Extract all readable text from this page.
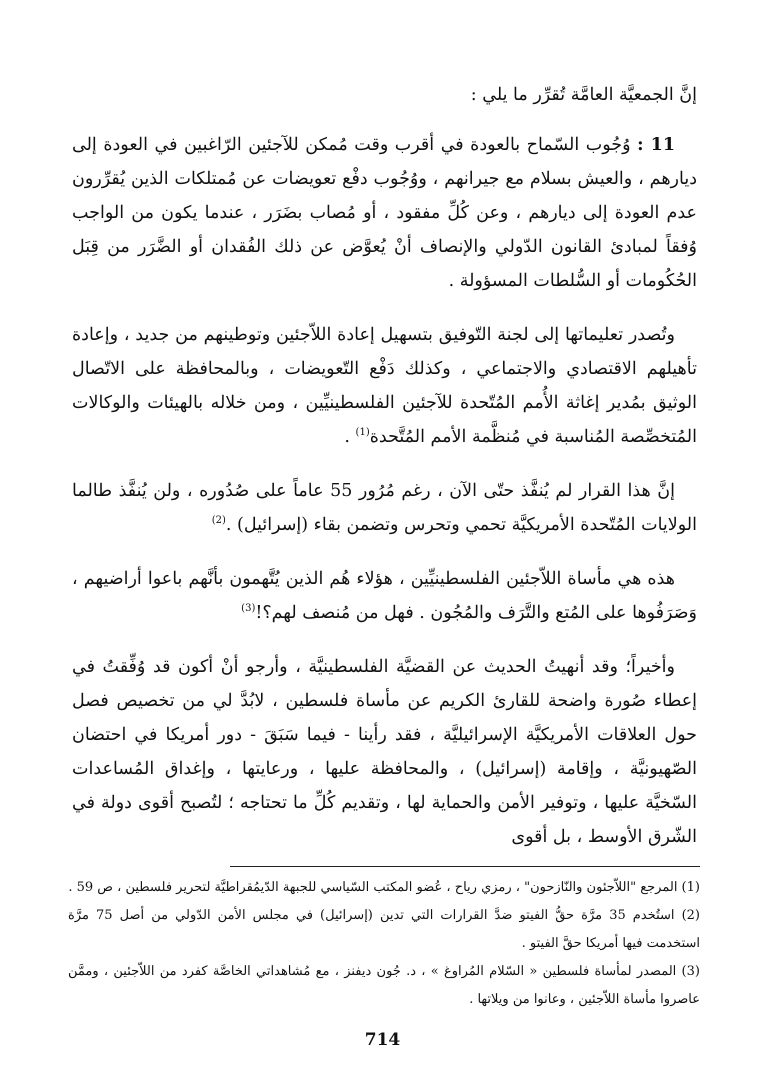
إنَّ الجمعيَّة العامَّة تُقرِّر ما يلي :

11 : وُجُوب السّماح بالعودة في أقرب وقت مُمكن للآجئين الرّاغبين في العودة إلى ديارهم ، والعيش بسلام مع جيرانهم ، ووُجُوب دفْع تعويضات عن مُمتلكات الذين يُقرِّرون عدم العودة إلى ديارهم ، وعن كُلِّ مفقود ، أو مُصاب بضَرَر ، عندما يكون من الواجب وُفقاً لمبادئ القانون الدّولي والإنصاف أنْ يُعوَّض عن ذلك الفُقدان أو الضَّرَر من قِبَل الحُكُومات أو السُّلطات المسؤولة .

وتُصدر تعليماتها إلى لجنة التّوفيق بتسهيل إعادة اللاّجئين وتوطينهم من جديد ، وإعادة تأهيلهم الاقتصادي والاجتماعي ، وكذلك دَفْع التّعويضات ، وبالمحافظة على الاتّصال الوثيق بمُدير إغاثة الأُمم المُتّحدة للآجئين الفلسطينيِّين ، ومن خلاله بالهيئات والوكالات المُتخصِّصة المُناسبة في مُنظَّمة الأمم المُتَّحدة$^{(1)}$ .

إنَّ هذا القرار لم يُنفَّذ حتّى الآن ، رغم مُرُور 55 عاماً على صُدُوره ، ولن يُنفَّذ طالما الولايات المُتّحدة الأمريكيَّة تحمي وتحرس وتضمن بقاء (إسرائيل) .$^{(2)}$

هذه هي مأساة اللاّجئين الفلسطينيِّين ، هؤلاء هُم الذين يُتَّهمون بأنَّهم باعوا أراضيهم ، وَصَرَفُوها على المُتع والتَّرَف والمُجُون . فهل من مُنصف لهم؟!$^{(3)}$

وأخيراً؛ وقد أنهيتُ الحديث عن القضيَّة الفلسطينيَّة ، وأرجو أنْ أكون قد وُفِّقتُ في إعطاء صُورة واضحة للقارئ الكريم عن مأساة فلسطين ، لابُدَّ لي من تخصيص فصل حول العلاقات الأمريكيَّة الإسرائيليَّة ، فقد رأينا - فيما سَبَقَ - دور أمريكا في احتضان الصّهيونيَّة ، وإقامة (إسرائيل) ، والمحافظة عليها ، ورعايتها ، وإغداق المُساعدات السّخيَّة عليها ، وتوفير الأمن والحماية لها ، وتقديم كُلِّ ما تحتاجه ؛ لتُصبح أقوى دولة في الشّرق الأوسط ، بل أقوى

(1) المرجع "اللاّجئون والنّازحون" ، رمزي رياح ، عُضو المكتب السّياسي للجبهة الدّيمُقراطيَّة لتحرير فلسطين ، ص 59 .

(2) استُخدم 35 مرَّة حقُّ الفيتو ضدَّ القرارات التي تدين (إسرائيل) في مجلس الأمن الدّولي من أصل 75 مرَّة استخدمت فيها أمريكا حقَّ الفيتو .

(3) المصدر لمأساة فلسطين « السّلام المُراوغ » ، د. جُون ديفنز ، مع مُشاهداتي الخاصَّة كفرد من اللاّجئين ، وممَّن عاصروا مأساة اللاّجئين ، وعانوا من ويلاتها .

714
